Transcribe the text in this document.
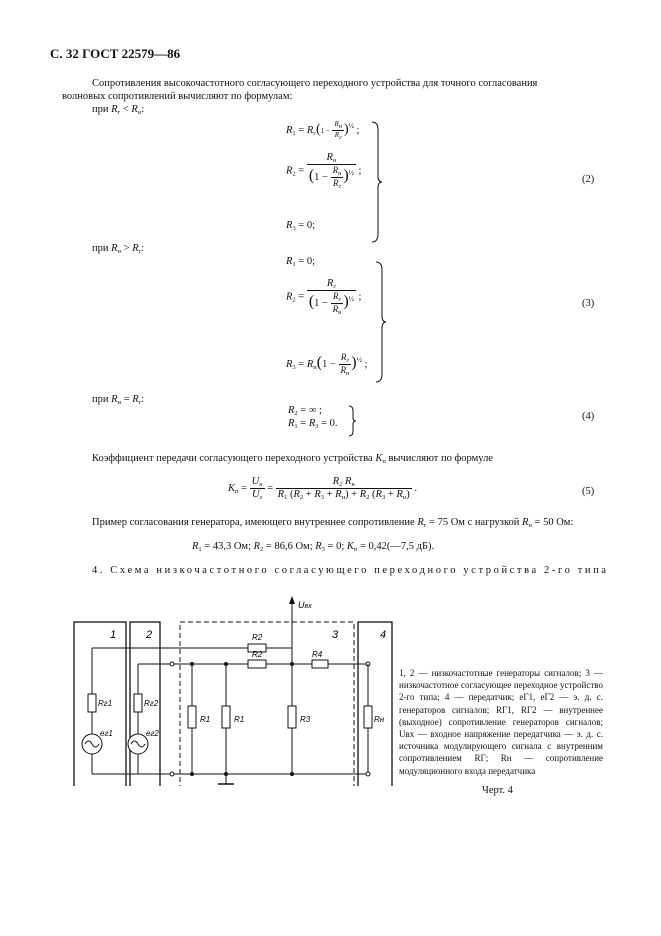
С. 32 ГОСТ 22579—86
Сопротивления высокочастотного согласующего переходного устройства для точного согласования
волновых сопротивлений вычисляют по формулам:
при $R_г < R_н$:
$R_1 = R_г(1 - \frac{Rн}{Rг} )^{\frac{1}{2}}$ ;
$R_2 = \frac{R_н}{(1 - \frac{R_н}{R_г} )^{\frac{1}{2}}}$ ;
$R_3 = 0$;
(2)
при $R_н > R_г$:
$R_1 = 0$;
$R_2 = \frac{R_г}{(1 - \frac{R_г}{R_н} )^{\frac{1}{2}}}$ ;
$R_3 = R_н(1 - \frac{R_г}{R_н} )^{\frac{1}{2}}$ ;
(3)
при $R_н = R_г$:
$R_2$ = ∞ ;
$R_1 = R_3 = 0$.
(4)
Коэффициент передачи согласующего переходного устройства $K_п$ вычисляют по формуле
$K_п = \frac{U_н}{U_г} = \frac{R_2 R_н}{R_1 (R_2 + R_3 + R_н) + R_2 (R_3 + R_н)}$ .	(5)
Пример согласования генератора, имеющего внутреннее сопротивление $R_г = 75$ Ом с нагрузкой $R_н = 50$ Ом:
$R_1 = 43,3$ Ом; $R_2 = 86,6$ Ом; $R_3 = 0$; $K_п$ = 0,42(—7,5 дБ).
4. Схема низкочастотного согласующего переходного устройства 2-го типа
1	2	3	4
R2
R2	R4
Uвх
R1	R1	R3	Rн
Rг1
eг1
Rг2
eг2
1, 2 — низкочастотные генераторы сигналов; 3 — низкочастотное согласующее переходное устройство 2-го типа; 4 — передатчик; eГ1, eГ2 — э. д. с. генераторов сигналов; RГ1, RГ2 — внутреннее (выходное) сопротивление генераторов сигналов; Uвх — входное напряжение передатчика — э. д. с. источника модулирующего сигнала с внутренним сопротивлением RГ; Rн — сопротивление модуляционного входа передатчика
Черт. 4
